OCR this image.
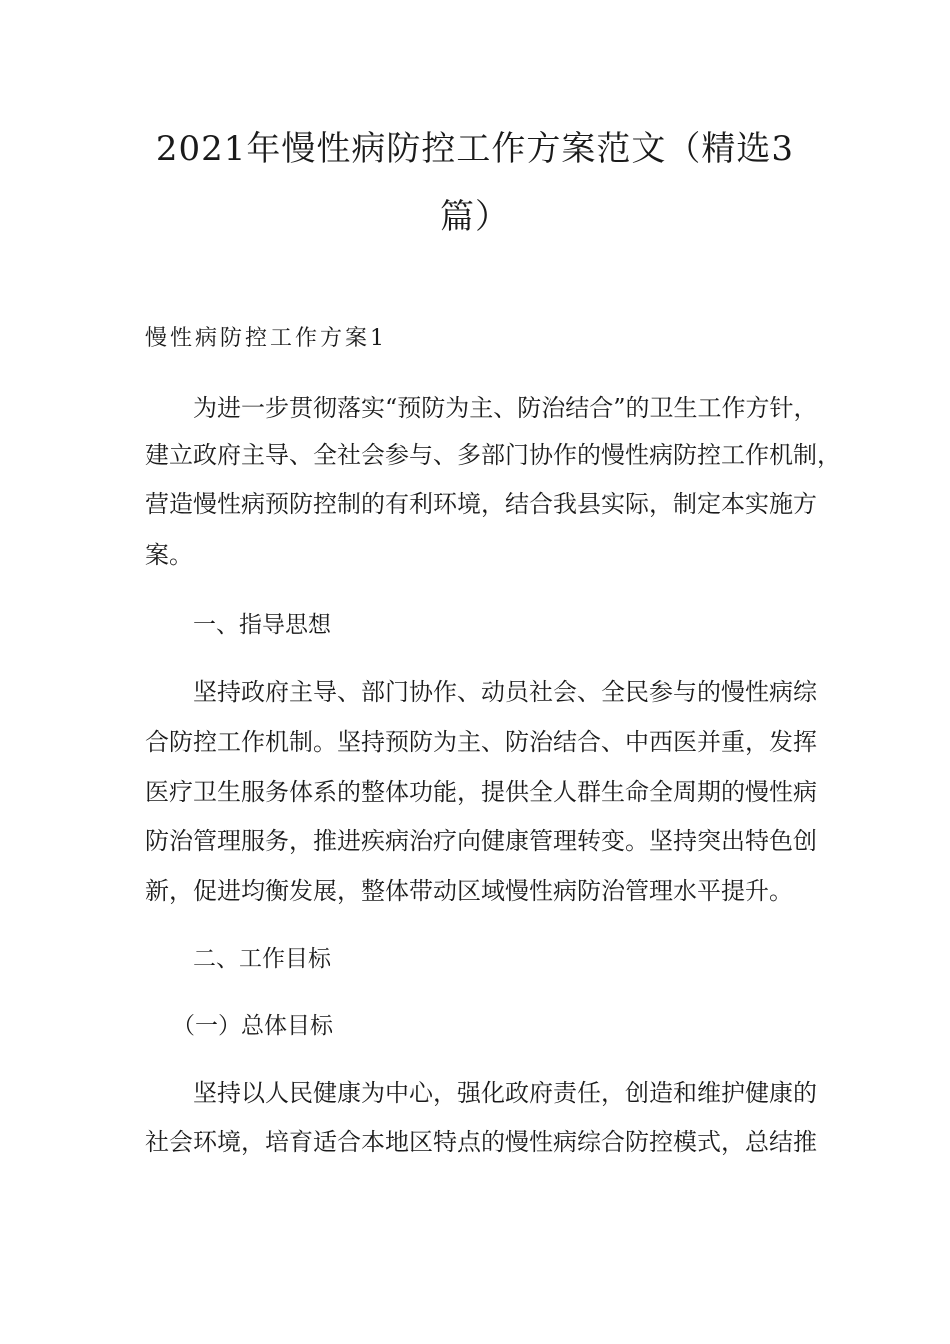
2021年慢性病防控工作方案范文（精选3
篇）
慢性病防控工作方案1
为进一步贯彻落实“预防为主、防治结合”的卫生工作方针，
建立政府主导、全社会参与、多部门协作的慢性病防控工作机制，
营造慢性病预防控制的有利环境，结合我县实际，制定本实施方
案。
一、指导思想
坚持政府主导、部门协作、动员社会、全民参与的慢性病综
合防控工作机制。坚持预防为主、防治结合、中西医并重，发挥
医疗卫生服务体系的整体功能，提供全人群生命全周期的慢性病
防治管理服务，推进疾病治疗向健康管理转变。坚持突出特色创
新，促进均衡发展，整体带动区域慢性病防治管理水平提升。
二、工作目标
（一）总体目标
坚持以人民健康为中心，强化政府责任，创造和维护健康的
社会环境，培育适合本地区特点的慢性病综合防控模式，总结推
